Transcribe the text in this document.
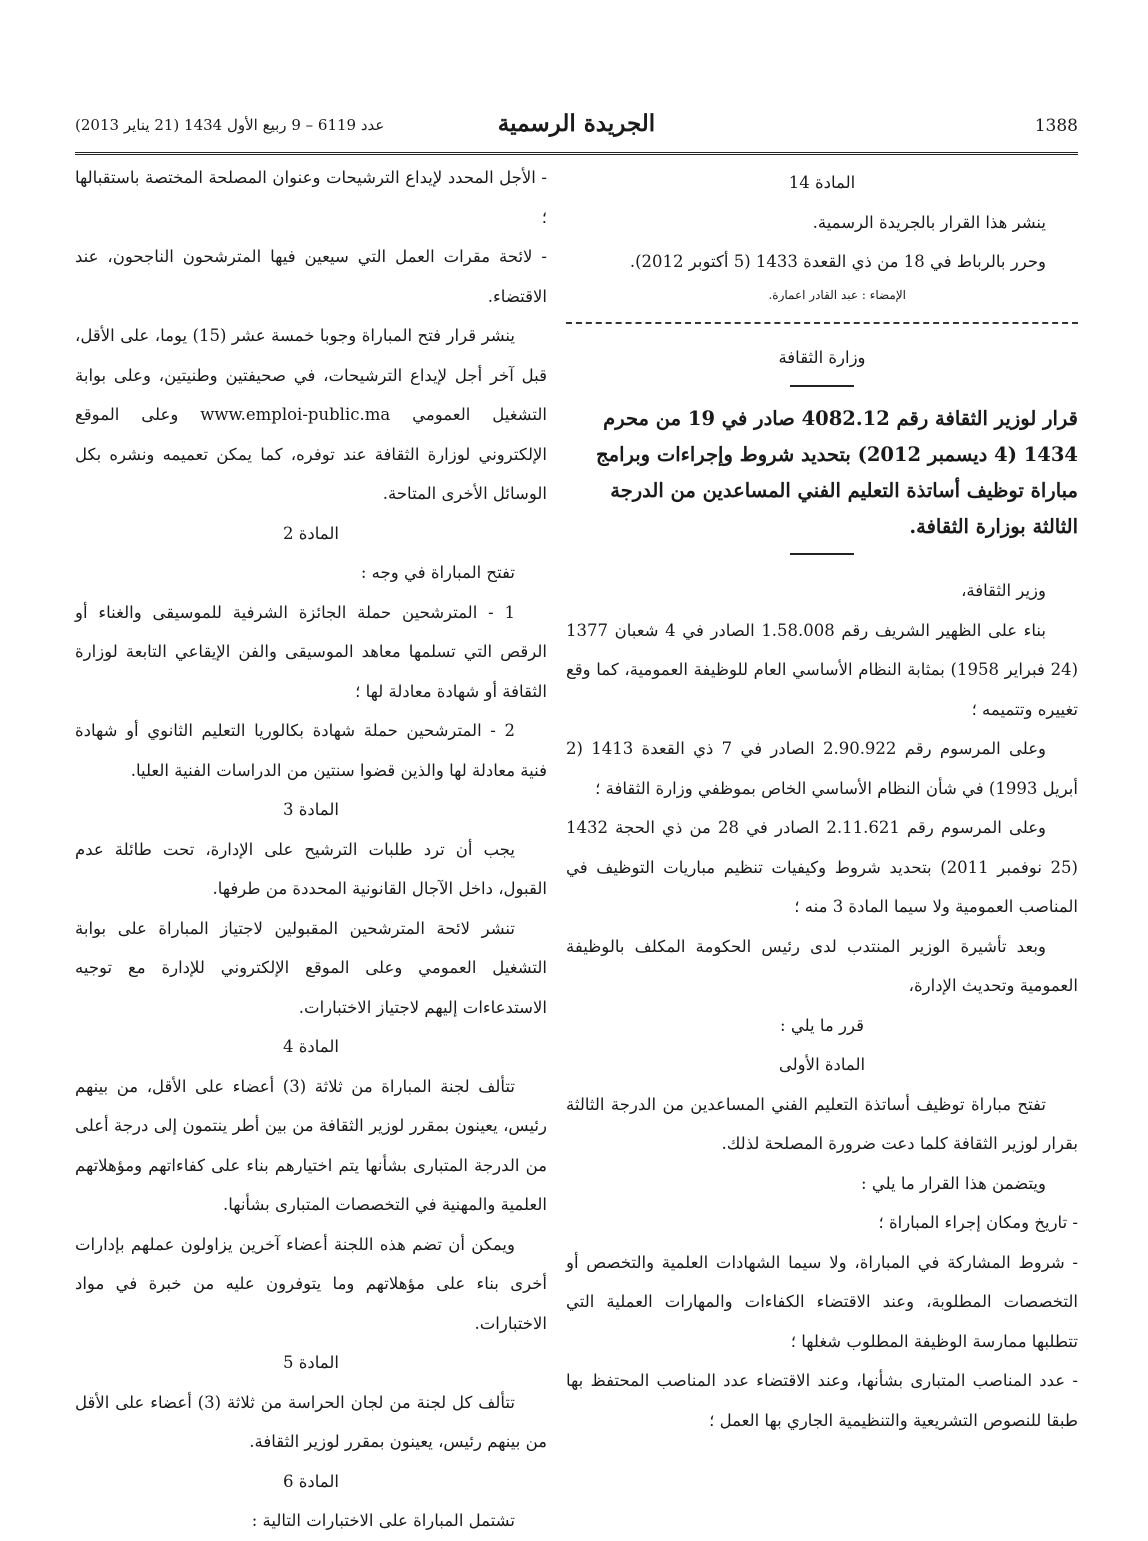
1388
الجريدة الرسمية
عدد 6119 – 9 ربيع الأول 1434 (21 يناير 2013)

المادة 14

ينشر هذا القرار بالجريدة الرسمية.

وحرر بالرباط في 18 من ذي القعدة 1433 (5 أكتوبر 2012).

الإمضاء : عبد القادر اعمارة.

وزارة الثقافة

قرار لوزير الثقافة رقم 4082.12 صادر في 19 من محرم 1434 (4 ديسمبر 2012) بتحديد شروط وإجراءات وبرامج مباراة توظيف أساتذة التعليم الفني المساعدين من الدرجة الثالثة بوزارة الثقافة.

وزير الثقافة،

بناء على الظهير الشريف رقم 1.58.008 الصادر في 4 شعبان 1377 (24 فبراير 1958) بمثابة النظام الأساسي العام للوظيفة العمومية، كما وقع تغييره وتتميمه ؛

وعلى المرسوم رقم 2.90.922 الصادر في 7 ذي القعدة 1413 (2 أبريل 1993) في شأن النظام الأساسي الخاص بموظفي وزارة الثقافة ؛

وعلى المرسوم رقم 2.11.621 الصادر في 28 من ذي الحجة 1432 (25 نوفمبر 2011) بتحديد شروط وكيفيات تنظيم مباريات التوظيف في المناصب العمومية ولا سيما المادة 3 منه ؛

وبعد تأشيرة الوزير المنتدب لدى رئيس الحكومة المكلف بالوظيفة العمومية وتحديث الإدارة،

قرر ما يلي :

المادة الأولى

تفتح مباراة توظيف أساتذة التعليم الفني المساعدين من الدرجة الثالثة بقرار لوزير الثقافة كلما دعت ضرورة المصلحة لذلك.

ويتضمن هذا القرار ما يلي :

- تاريخ ومكان إجراء المباراة ؛

- شروط المشاركة في المباراة، ولا سيما الشهادات العلمية والتخصص أو التخصصات المطلوبة، وعند الاقتضاء الكفاءات والمهارات العملية التي تتطلبها ممارسة الوظيفة المطلوب شغلها ؛

- عدد المناصب المتبارى بشأنها، وعند الاقتضاء عدد المناصب المحتفظ بها طبقا للنصوص التشريعية والتنظيمية الجاري بها العمل ؛

- الأجل المحدد لإيداع الترشيحات وعنوان المصلحة المختصة باستقبالها ؛

- لائحة مقرات العمل التي سيعين فيها المترشحون الناجحون، عند الاقتضاء.

ينشر قرار فتح المباراة وجوبا خمسة عشر (15) يوما، على الأقل، قبل آخر أجل لإيداع الترشيحات، في صحيفتين وطنيتين، وعلى بوابة التشغيل العمومي www.emploi-public.ma وعلى الموقع الإلكتروني لوزارة الثقافة عند توفره، كما يمكن تعميمه ونشره بكل الوسائل الأخرى المتاحة.

المادة 2

تفتح المباراة في وجه :

1 - المترشحين حملة الجائزة الشرفية للموسيقى والغناء أو الرقص التي تسلمها معاهد الموسيقى والفن الإيقاعي التابعة لوزارة الثقافة أو شهادة معادلة لها ؛

2 - المترشحين حملة شهادة بكالوريا التعليم الثانوي أو شهادة فنية معادلة لها والذين قضوا سنتين من الدراسات الفنية العليا.

المادة 3

يجب أن ترد طلبات الترشيح على الإدارة، تحت طائلة عدم القبول، داخل الآجال القانونية المحددة من طرفها.

تنشر لائحة المترشحين المقبولين لاجتياز المباراة على بوابة التشغيل العمومي وعلى الموقع الإلكتروني للإدارة مع توجيه الاستدعاءات إليهم لاجتياز الاختبارات.

المادة 4

تتألف لجنة المباراة من ثلاثة (3) أعضاء على الأقل، من بينهم رئيس، يعينون بمقرر لوزير الثقافة من بين أطر ينتمون إلى درجة أعلى من الدرجة المتبارى بشأنها يتم اختيارهم بناء على كفاءاتهم ومؤهلاتهم العلمية والمهنية في التخصصات المتبارى بشأنها.

ويمكن أن تضم هذه اللجنة أعضاء آخرين يزاولون عملهم بإدارات أخرى بناء على مؤهلاتهم وما يتوفرون عليه من خبرة في مواد الاختبارات.

المادة 5

تتألف كل لجنة من لجان الحراسة من ثلاثة (3) أعضاء على الأقل من بينهم رئيس، يعينون بمقرر لوزير الثقافة.

المادة 6

تشتمل المباراة على الاختبارات التالية :
